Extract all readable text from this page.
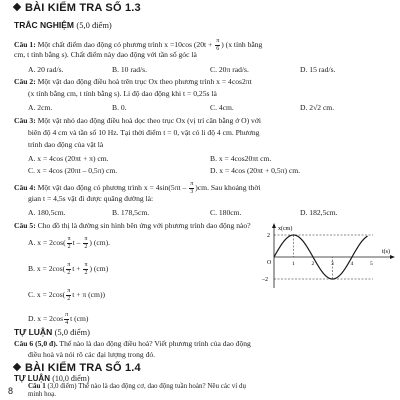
BÀI KIỂM TRA SỐ 1.3
TRẮC NGHIỆM (5,0 điểm)
Câu 1: Một chất điểm dao động có phương trình x =10cos ($20t + \frac{\pi}{6}$ ) (x tính bằng
cm, t tính bằng s). Chất điểm này dao động với tần số góc là
A. 20 rad/s.	B. 10 rad/s.	C. 20π rad/s.	D. 15 rad/s.
Câu 2: Một vật dao động điều hoà trên trục Ox theo phương trình x = 4cos2πt
(x tính bằng cm, t tính bằng s). Li độ dao động khi t = 0,25s là
A. 2cm.	B. 0.	C. 4cm.	D. 2√2 cm.
Câu 3: Một vật nhỏ dao động điều hoà dọc theo trục Ox (vị trí cân bằng ở O) với
biên độ 4 cm và tần số 10 Hz. Tại thời điểm t = 0, vật có li độ 4 cm. Phương
trình dao động của vật là
A. x = 4cos (20πt + π) cm.	B. x = 4cos20πt cm.
C. x = 4cos (20πt – 0,5π) cm.	D. x = 4cos (20πt + 0,5π) cm.
Câu 4: Một vật dao động có phương trình $x = 4\sin(5\pi t - \frac{\pi}{3} )cm$. Sau khoảng thời
gian t = 4,5s vật đi được quãng đường là:
A. 180,5cm.	B. 178,5cm.	C. 180cm.	D. 182,5cm.
Câu 5: Cho đồ thị là đường sin hình bên ứng với phương trình dao động nào?
A. $x = 2\cos( \frac{\pi}{2}$ t – $\frac{\pi}{2}$ ) (cm).
B. $x = 2\cos( \frac{\pi}{2}$ $t + \frac{\pi}{2}$ ) (cm)
C. $x = 2\cos( \frac{\pi}{2}$ t + π (cm))
D. $x = 2\cos \frac{\pi}{4}$ t (cm)
1	2	3	4	5
x(cm)
t(s)
2
–2
O
TỰ LUẬN (5,0 điểm)
Câu 6 (5,0 đ). Thế nào là dao động điều hoà? Viết phương trình của dao động
điều hoà và nói rõ các đại lượng trong đó.
BÀI KIỂM TRA SỐ 1.4
TỰ LUẬN (10,0 điểm)
Câu 1 (3,0 điểm) Thế nào là dao động cơ, dao động tuần hoàn? Nêu các ví dụ
minh hoạ.
8
